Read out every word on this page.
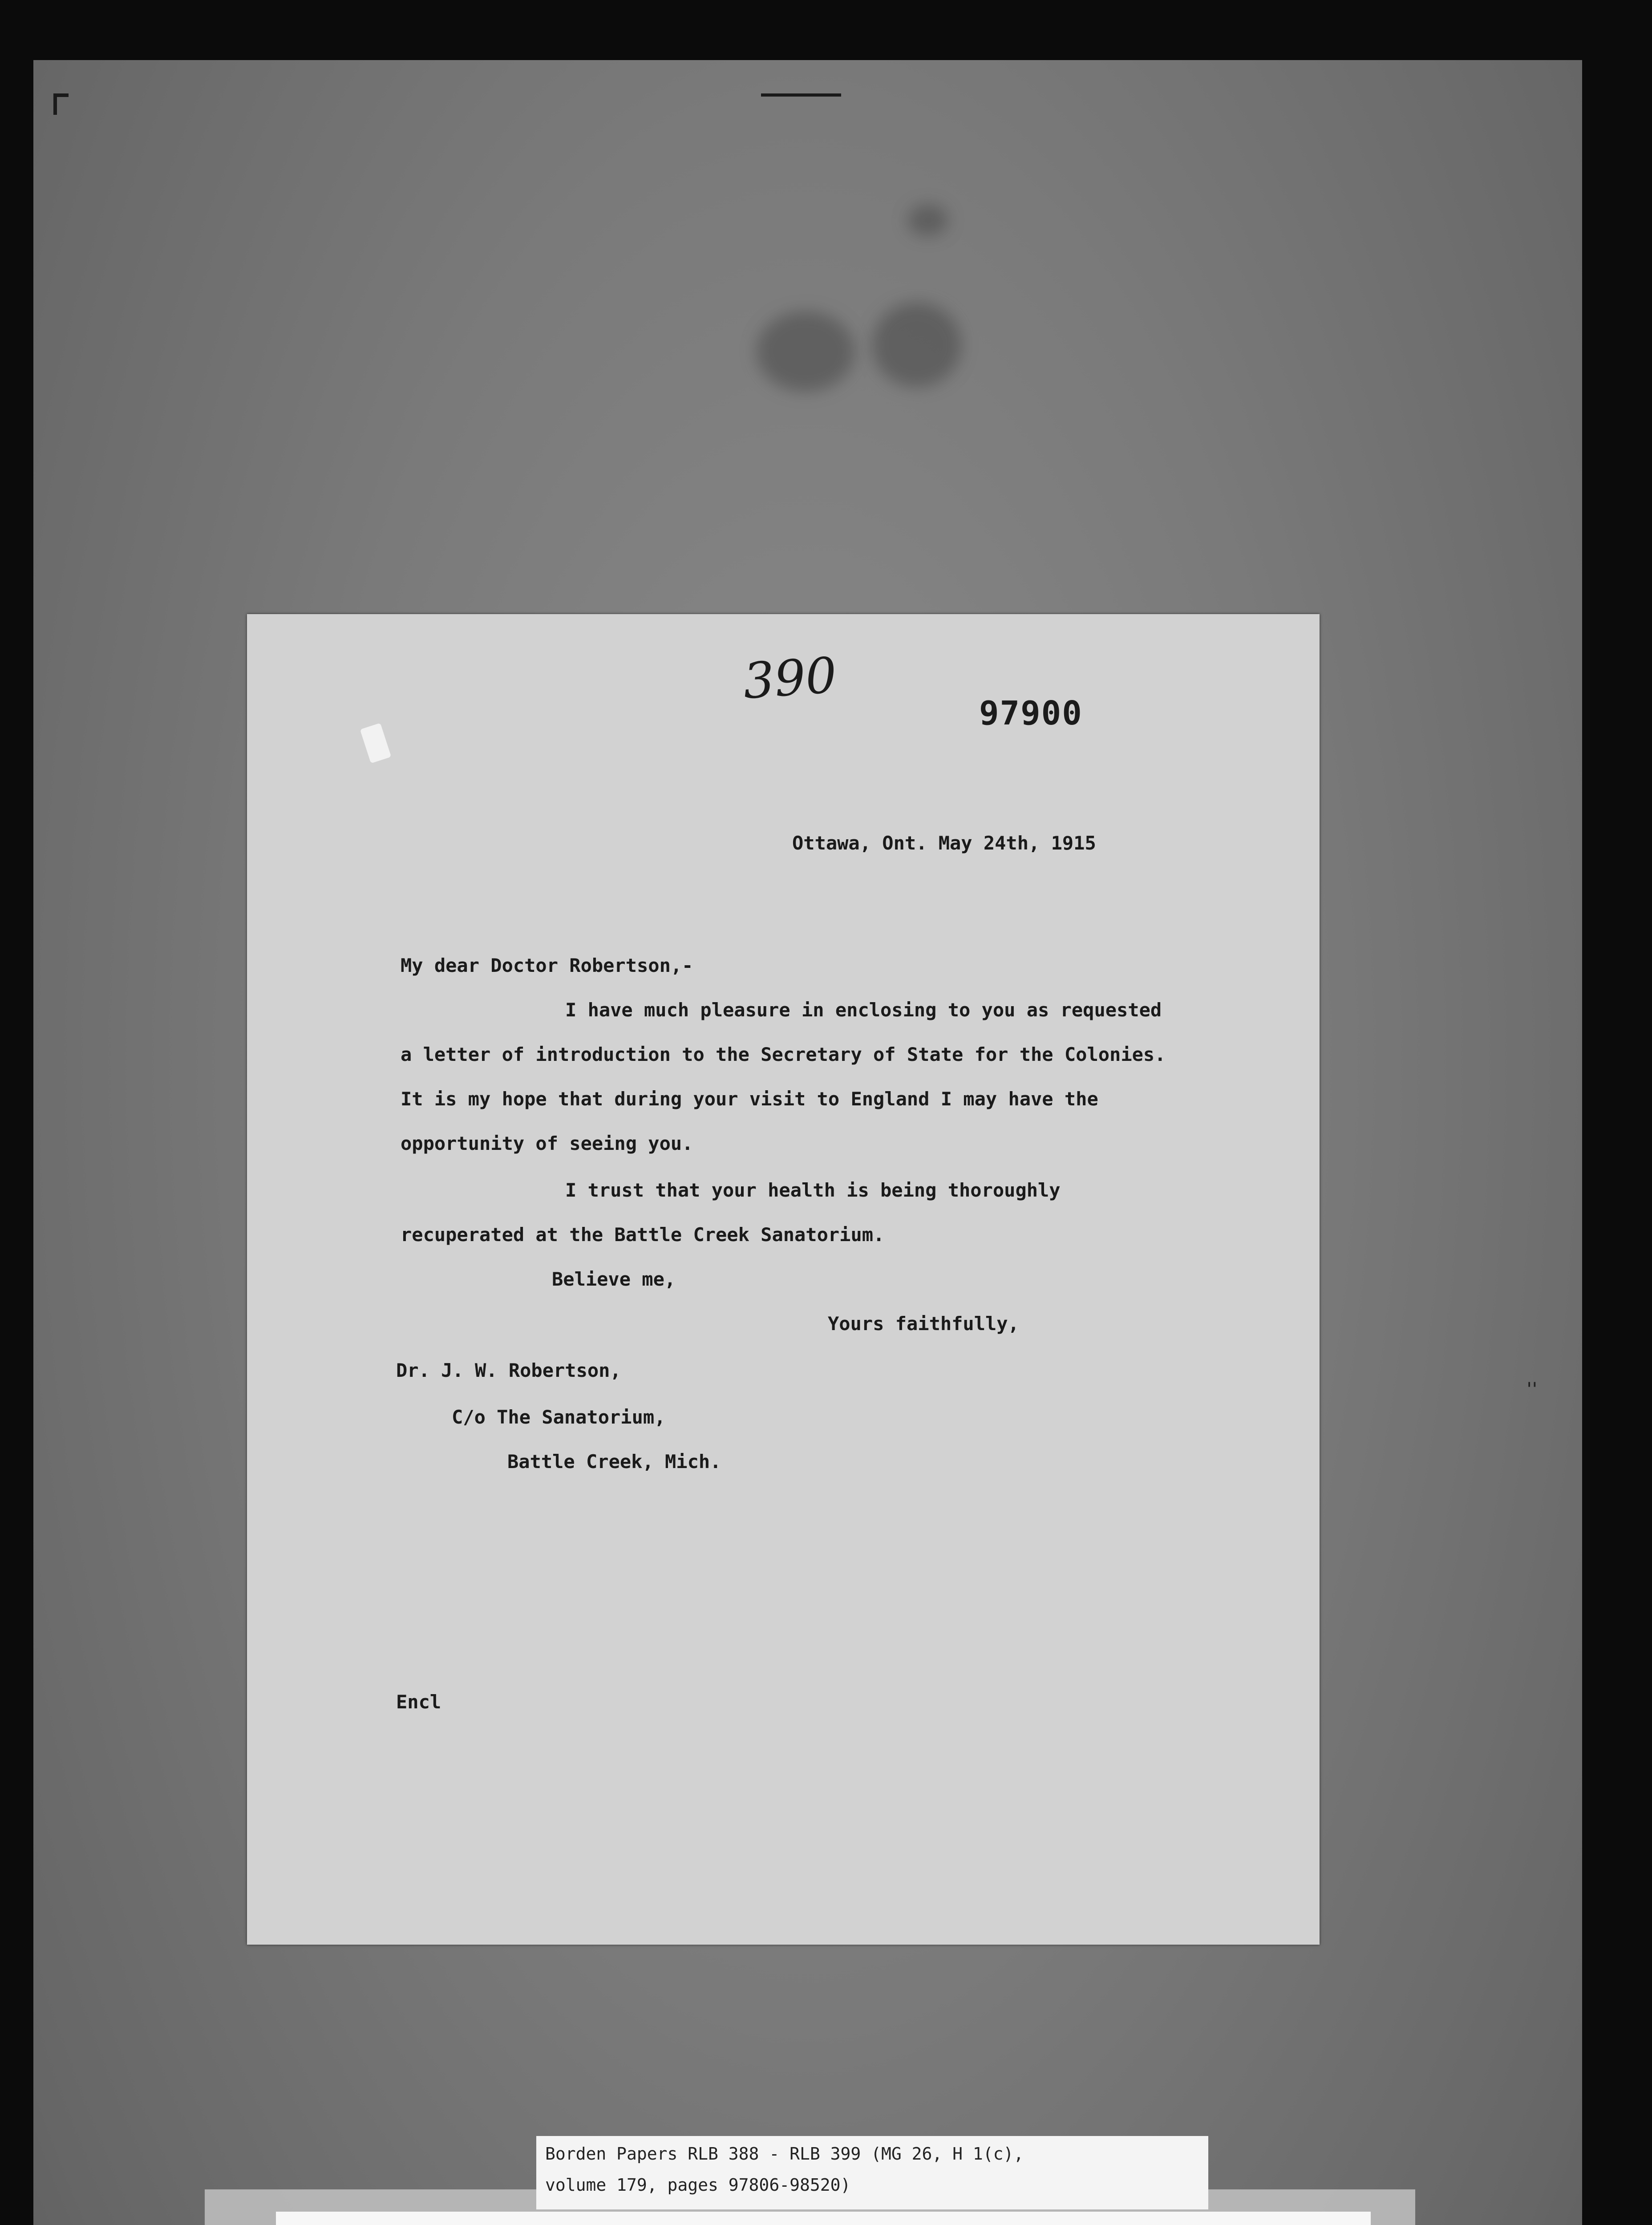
ˈˈ
390
97900
Ottawa, Ont. May 24th, 1915
My dear Doctor Robertson,-
I have much pleasure in enclosing to you as requested
a letter of introduction to the Secretary of State for the Colonies.
It is my hope that during your visit to England I may have the
opportunity of seeing you.
I trust that your health is being thoroughly
recuperated at the Battle Creek Sanatorium.
Believe me,
Yours faithfully,
Dr. J. W. Robertson,
C/o The Sanatorium,
Battle Creek, Mich.
Encl
Borden Papers RLB 388 - RLB 399 (MG 26, H 1(c),
volume 179, pages 97806-98520)
